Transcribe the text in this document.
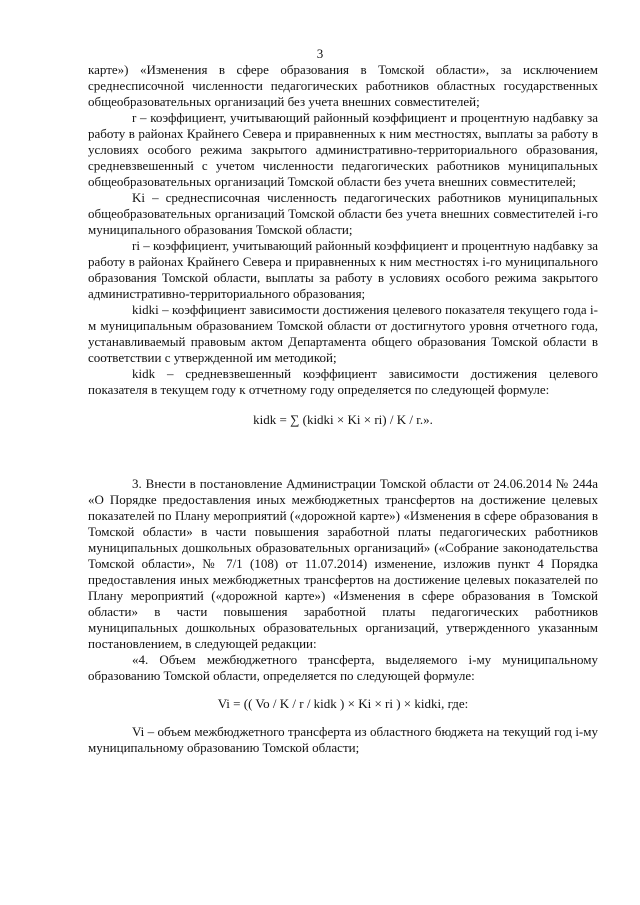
3

карте») «Изменения в сфере образования в Томской области», за исключением среднесписочной численности педагогических работников областных государственных общеобразовательных организаций без учета внешних совместителей;

r – коэффициент, учитывающий районный коэффициент и процентную надбавку за работу в районах Крайнего Севера и приравненных к ним местностях, выплаты за работу в условиях особого режима закрытого административно-территориального образования, средневзвешенный с учетом численности педагогических работников муниципальных общеобразовательных организаций Томской области без учета внешних совместителей;

Ki – среднесписочная численность педагогических работников муниципальных общеобразовательных организаций Томской области без учета внешних совместителей i-го муниципального образования Томской области;

ri – коэффициент, учитывающий районный коэффициент и процентную надбавку за работу в районах Крайнего Севера и приравненных к ним местностях i-го муниципального образования Томской области, выплаты за работу в условиях особого режима закрытого административно-территориального образования;

kidki – коэффициент зависимости достижения целевого показателя текущего года i-м муниципальным образованием Томской области от достигнутого уровня отчетного года, устанавливаемый правовым актом Департамента общего образования Томской области в соответствии с утвержденной им методикой;

kidk – средневзвешенный коэффициент зависимости достижения целевого показателя в текущем году к отчетному году определяется по следующей формуле:

kidk = ∑ (kidki × Ki × ri) / K / r.».

3. Внести в постановление Администрации Томской области от 24.06.2014 № 244а «О Порядке предоставления иных межбюджетных трансфертов на достижение целевых показателей по Плану мероприятий («дорожной карте») «Изменения в сфере образования в Томской области» в части повышения заработной платы педагогических работников муниципальных дошкольных образовательных организаций» («Собрание законодательства Томской области», № 7/1 (108) от 11.07.2014) изменение, изложив пункт 4 Порядка предоставления иных межбюджетных трансфертов на достижение целевых показателей по Плану мероприятий («дорожной карте») «Изменения в сфере образования в Томской области» в части повышения заработной платы педагогических работников муниципальных дошкольных образовательных организаций, утвержденного указанным постановлением, в следующей редакции:

«4. Объем межбюджетного трансферта, выделяемого i-му муниципальному образованию Томской области, определяется по следующей формуле:

Vi = (( Vo / K / r / kidk ) × Ki × ri ) × kidki, где:

Vi – объем межбюджетного трансферта из областного бюджета на текущий год i-му муниципальному образованию Томской области;
